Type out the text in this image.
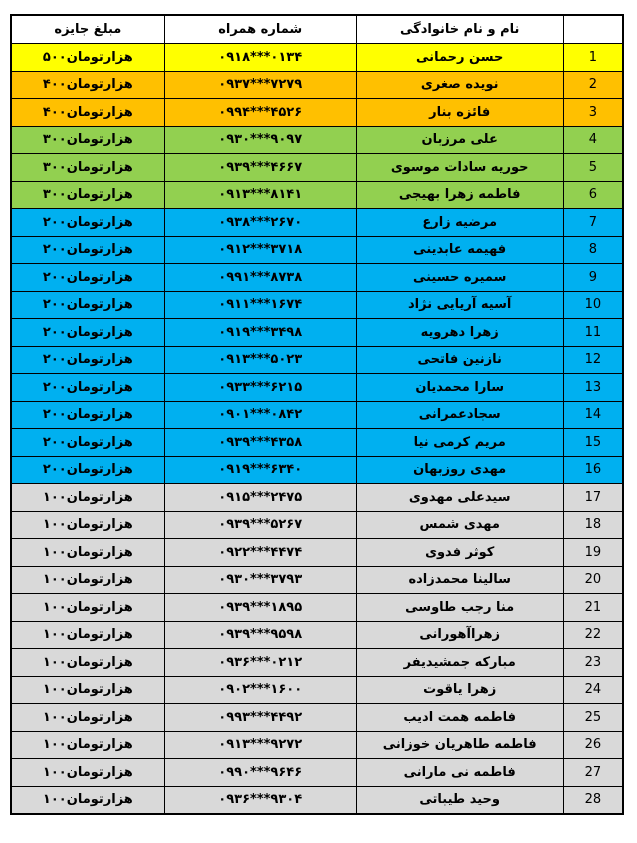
مبلغ جایزه	شماره همراه	نام و نام خانوادگی	
۵۰۰هزارتومان	۰۹۱۸***۰۱۳۴	حسن رحمانی	1
۴۰۰هزارتومان	۰۹۳۷***۷۲۷۹	نویده صغری	2
۴۰۰هزارتومان	۰۹۹۴***۴۵۲۶	فائزه بنار	3
۳۰۰هزارتومان	۰۹۳۰***۹۰۹۷	علی مرزبان	4
۳۰۰هزارتومان	۰۹۳۹***۴۶۶۷	حوریه سادات موسوی	5
۳۰۰هزارتومان	۰۹۱۳***۸۱۴۱	فاطمه زهرا بهیجی	6
۲۰۰هزارتومان	۰۹۳۸***۲۶۷۰	مرضیه زارع	7
۲۰۰هزارتومان	۰۹۱۲***۳۷۱۸	فهیمه عابدینی	8
۲۰۰هزارتومان	۰۹۹۱***۸۷۳۸	سمیره حسینی	9
۲۰۰هزارتومان	۰۹۱۱***۱۶۷۴	آسیه آریایی نژاد	10
۲۰۰هزارتومان	۰۹۱۹***۳۴۹۸	زهرا دهرویه	11
۲۰۰هزارتومان	۰۹۱۳***۵۰۲۳	نازنین فاتحی	12
۲۰۰هزارتومان	۰۹۳۳***۶۲۱۵	سارا محمدیان	13
۲۰۰هزارتومان	۰۹۰۱***۰۸۴۲	سجادعمرانی	14
۲۰۰هزارتومان	۰۹۳۹***۴۳۵۸	مریم کرمی نیا	15
۲۰۰هزارتومان	۰۹۱۹***۶۳۴۰	مهدی روزبهان	16
۱۰۰هزارتومان	۰۹۱۵***۲۴۷۵	سیدعلی مهدوی	17
۱۰۰هزارتومان	۰۹۳۹***۵۲۶۷	مهدی شمس	18
۱۰۰هزارتومان	۰۹۲۲***۴۴۷۴	کوثر فدوی	19
۱۰۰هزارتومان	۰۹۳۰***۳۷۹۳	سالینا محمدزاده	20
۱۰۰هزارتومان	۰۹۳۹***۱۸۹۵	منا رجب طاوسی	21
۱۰۰هزارتومان	۰۹۳۹***۹۵۹۸	زهراآهورانی	22
۱۰۰هزارتومان	۰۹۳۶***۰۲۱۲	مبارکه جمشیدیفر	23
۱۰۰هزارتومان	۰۹۰۲***۱۶۰۰	زهرا یاقوت	24
۱۰۰هزارتومان	۰۹۹۳***۴۴۹۲	فاطمه همت ادیب	25
۱۰۰هزارتومان	۰۹۱۳***۹۲۷۲	فاطمه طاهریان خوزانی	26
۱۰۰هزارتومان	۰۹۹۰***۹۶۴۶	فاطمه نی مارانی	27
۱۰۰هزارتومان	۰۹۳۶***۹۳۰۴	وحید طیباتی	28
